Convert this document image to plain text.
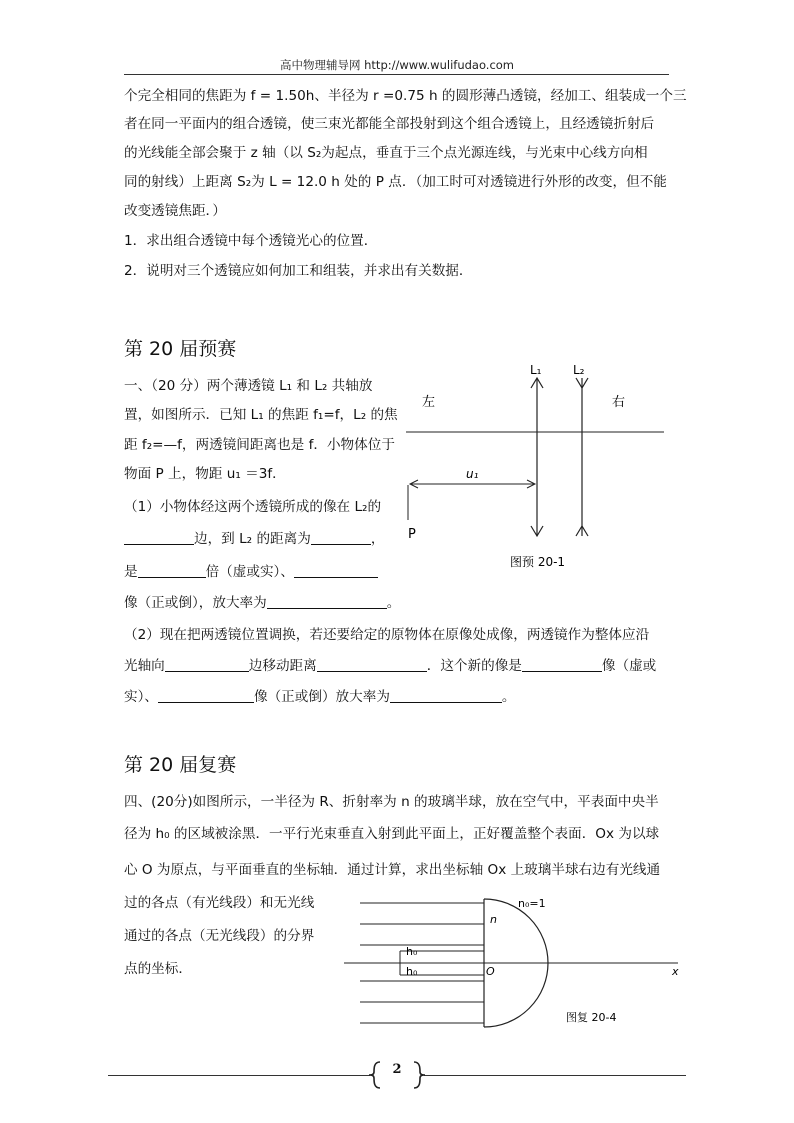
高中物理辅导网 http://www.wulifudao.com
个完全相同的焦距为 f = 1.50h、半径为 r =0.75 h 的圆形薄凸透镜，经加工、组装成一个三
者在同一平面内的组合透镜，使三束光都能全部投射到这个组合透镜上，且经透镜折射后
的光线能全部会聚于 z 轴（以 S₂为起点，垂直于三个点光源连线，与光束中心线方向相
同的射线）上距离 S₂为 L = 12.0 h 处的 P 点．（加工时可对透镜进行外形的改变，但不能
改变透镜焦距．）
1．求出组合透镜中每个透镜光心的位置．
2．说明对三个透镜应如何加工和组装，并求出有关数据．
第 20 届预赛
一、（20 分）两个薄透镜 L₁ 和 L₂ 共轴放
置，如图所示．已知 L₁ 的焦距 f₁=f，L₂ 的焦
距 f₂=—f，两透镜间距离也是 f．小物体位于
物面 P 上，物距 u₁ ＝3f．
（1）小物体经这两个透镜所成的像在 L₂的
边，到 L₂ 的距离为	，
是	倍（虚或实）、
像（正或倒），放大率为	。
（2）现在把两透镜位置调换，若还要给定的原物体在原像处成像，两透镜作为整体应沿
光轴向	边移动距离	．这个新的像是	像（虚或
实）、	像（正或倒）放大率为	。
左	右
L₁	L₂
u₁
P
图预 20-1
第 20 届复赛
四、(20分)如图所示，一半径为 R、折射率为 n 的玻璃半球，放在空气中，平表面中央半
径为 h₀ 的区域被涂黑．一平行光束垂直入射到此平面上，正好覆盖整个表面．Ox 为以球
心 O 为原点，与平面垂直的坐标轴．通过计算，求出坐标轴 Ox 上玻璃半球右边有光线通
过的各点（有光线段）和无光线
通过的各点（无光线段）的分界
点的坐标．
n
n₀=1
h₀
h₀	O	x
图复 20-4
2
